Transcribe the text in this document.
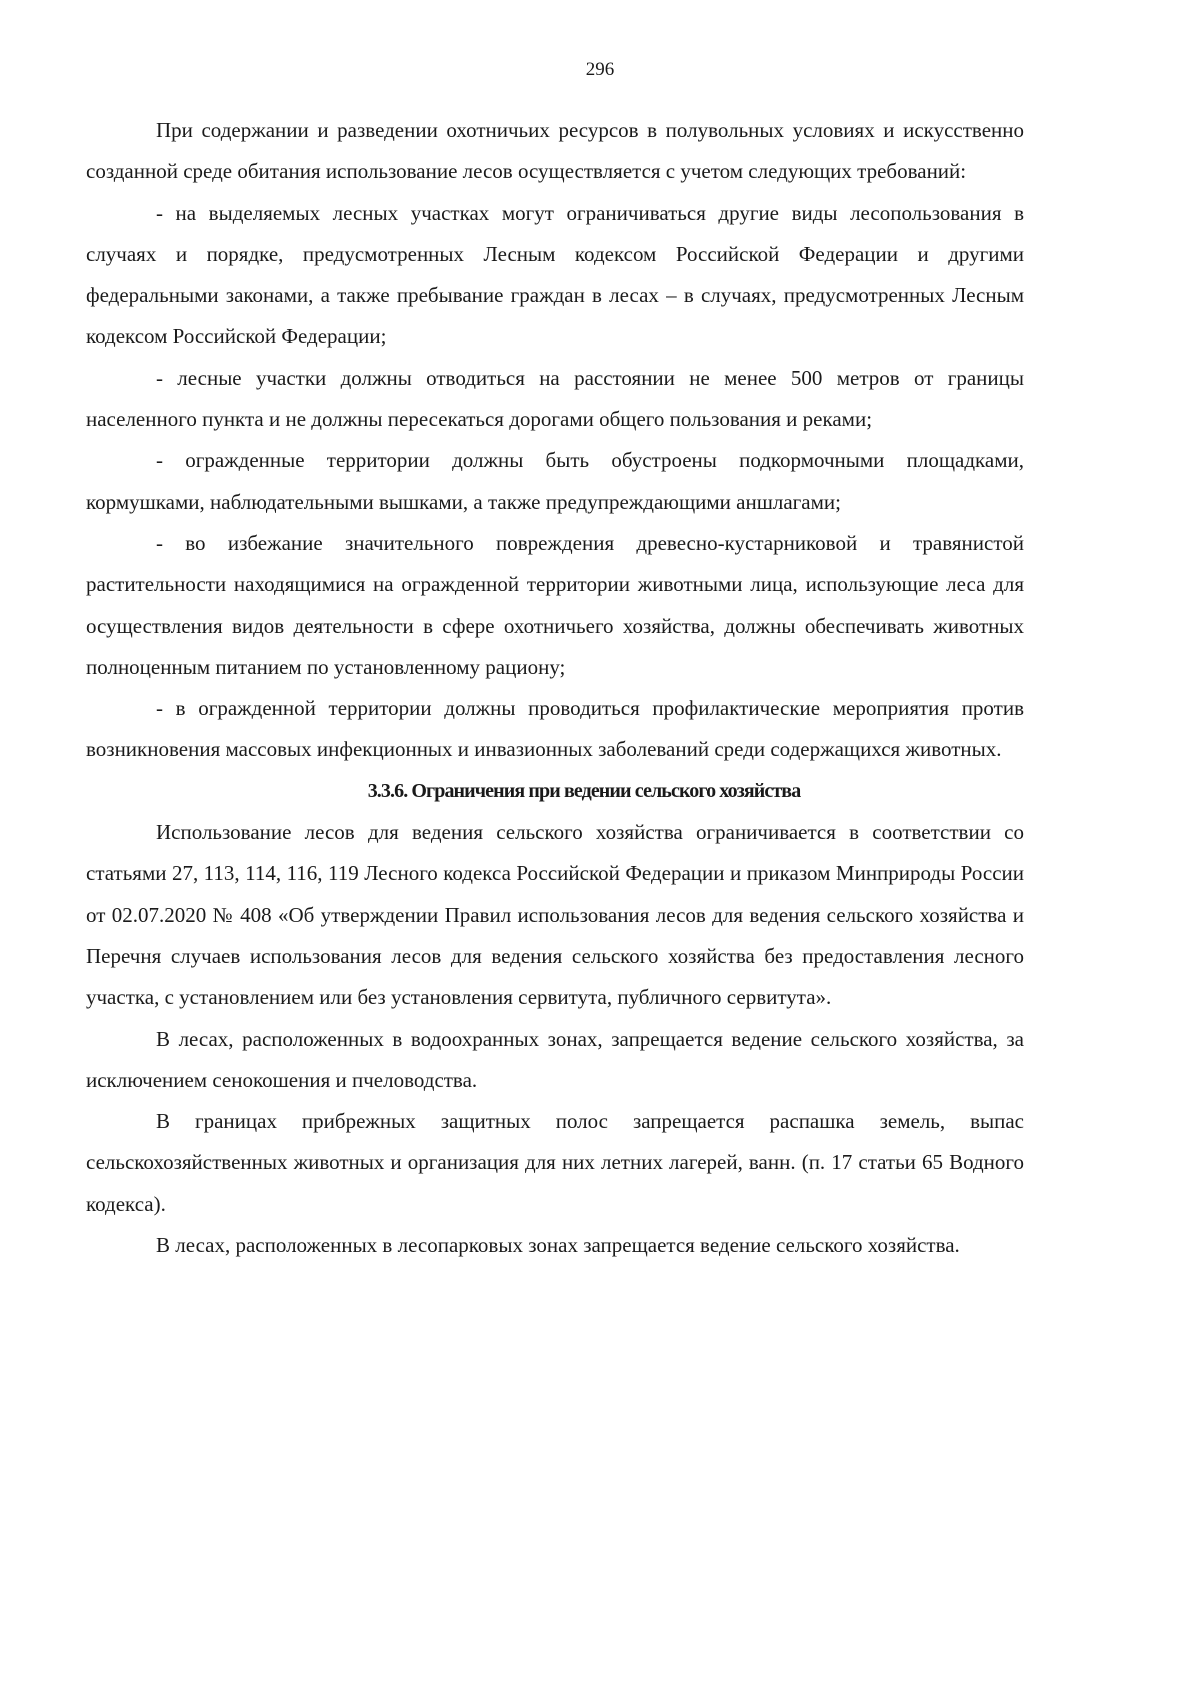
296

При содержании и разведении охотничьих ресурсов в полувольных условиях и искусственно созданной среде обитания использование лесов осуществляется с учетом следующих требований:

- на выделяемых лесных участках могут ограничиваться другие виды лесопользования в случаях и порядке, предусмотренных Лесным кодексом Российской Федерации и другими федеральными законами, а также пребывание граждан в лесах – в случаях, предусмотренных Лесным кодексом Российской Федерации;

- лесные участки должны отводиться на расстоянии не менее 500 метров от границы населенного пункта и не должны пересекаться дорогами общего пользования и реками;

- огражденные территории должны быть обустроены подкормочными площадками, кормушками, наблюдательными вышками, а также предупреждающими аншлагами;

- во избежание значительного повреждения древесно-кустарниковой и травянистой растительности находящимися на огражденной территории животными лица, использующие леса для осуществления видов деятельности в сфере охотничьего хозяйства, должны обеспечивать животных полноценным питанием по установленному рациону;

- в огражденной территории должны проводиться профилактические мероприятия против возникновения массовых инфекционных и инвазионных заболеваний среди содержащихся животных.

3.3.6. Ограничения при ведении сельского хозяйства

Использование лесов для ведения сельского хозяйства ограничивается в соответствии со статьями 27, 113, 114, 116, 119 Лесного кодекса Российской Федерации и приказом Минприроды России от 02.07.2020 № 408 «Об утверждении Правил использования лесов для ведения сельского хозяйства и Перечня случаев использования лесов для ведения сельского хозяйства без предоставления лесного участка, с установлением или без установления сервитута, публичного сервитута».

В лесах, расположенных в водоохранных зонах, запрещается ведение сельского хозяйства, за исключением сенокошения и пчеловодства.

В границах прибрежных защитных полос запрещается распашка земель, выпас сельскохозяйственных животных и организация для них летних лагерей, ванн. (п. 17 статьи 65 Водного кодекса).

В лесах, расположенных в лесопарковых зонах запрещается ведение сельского хозяйства.
